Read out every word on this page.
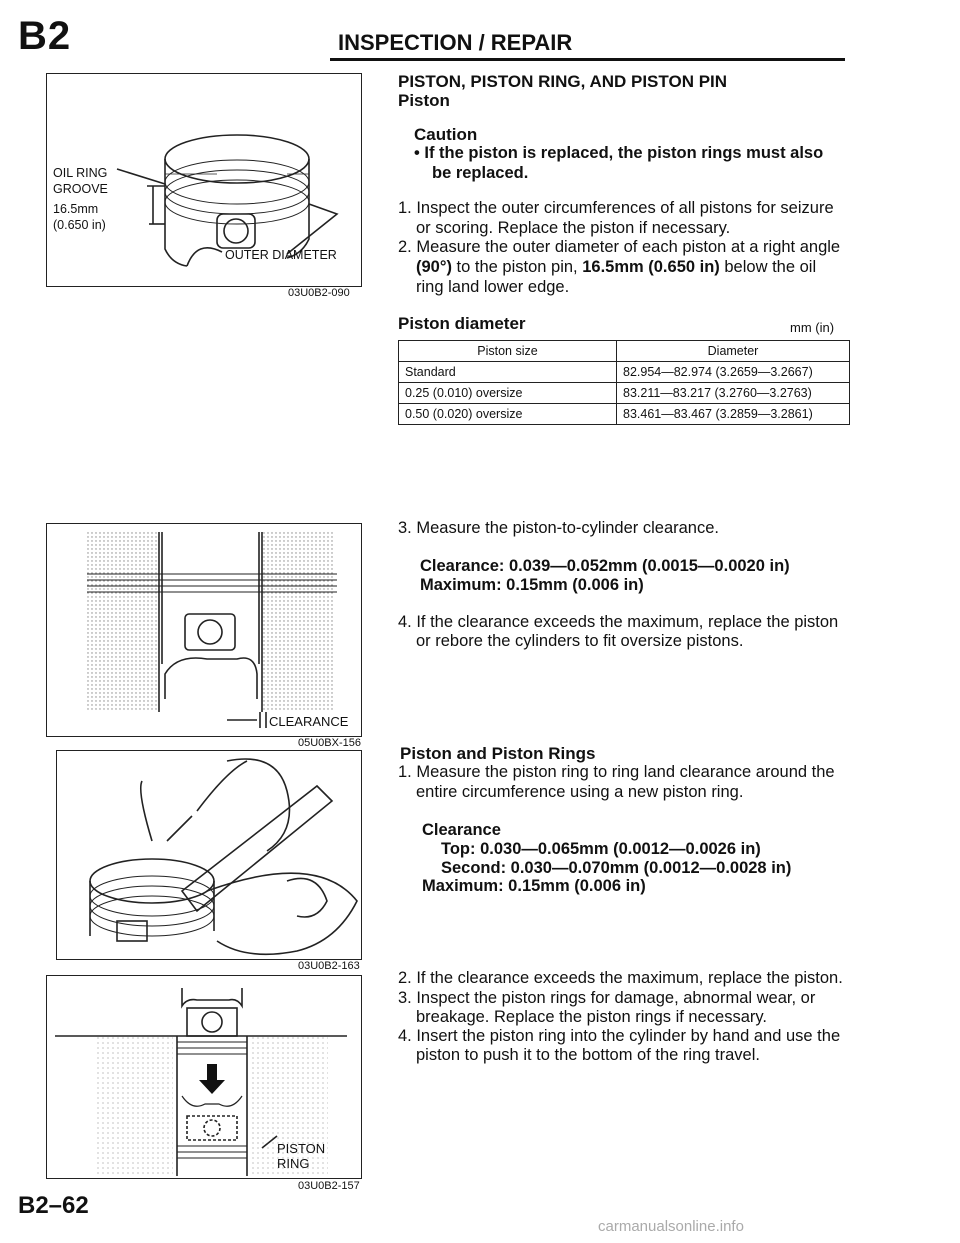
B2	INSPECTION / REPAIR
OIL RING
GROOVE
16.5mm
(0.650 in)
OUTER DIAMETER
03U0B2-090
CLEARANCE
05U0BX-156
03U0B2-163
PISTON RING
03U0B2-157
PISTON, PISTON RING, AND PISTON PIN
Piston
Caution
• If the piston is replaced, the piston rings must also
be replaced.
1. Inspect the outer circumferences of all pistons for seizure
or scoring. Replace the piston if necessary.
2. Measure the outer diameter of each piston at a right angle
(90°) to the piston pin, 16.5mm (0.650 in) below the oil
ring land lower edge.
Piston diameter	mm (in)
Piston size	Diameter
Standard	82.954—82.974 (3.2659—3.2667)
0.25 (0.010) oversize	83.211—83.217 (3.2760—3.2763)
0.50 (0.020) oversize	83.461—83.467 (3.2859—3.2861)
3. Measure the piston-to-cylinder clearance.
Clearance: 0.039—0.052mm (0.0015—0.0020 in)
Maximum: 0.15mm (0.006 in)
4. If the clearance exceeds the maximum, replace the piston
or rebore the cylinders to fit oversize pistons.
Piston and Piston Rings
1. Measure the piston ring to ring land clearance around the
entire circumference using a new piston ring.
Clearance
Top: 0.030—0.065mm (0.0012—0.0026 in)
Second: 0.030—0.070mm (0.0012—0.0028 in)
Maximum: 0.15mm (0.006 in)
2. If the clearance exceeds the maximum, replace the piston.
3. Inspect the piston rings for damage, abnormal wear, or
breakage. Replace the piston rings if necessary.
4. Insert the piston ring into the cylinder by hand and use the
piston to push it to the bottom of the ring travel.
B2–62
carmanualsonline.info
